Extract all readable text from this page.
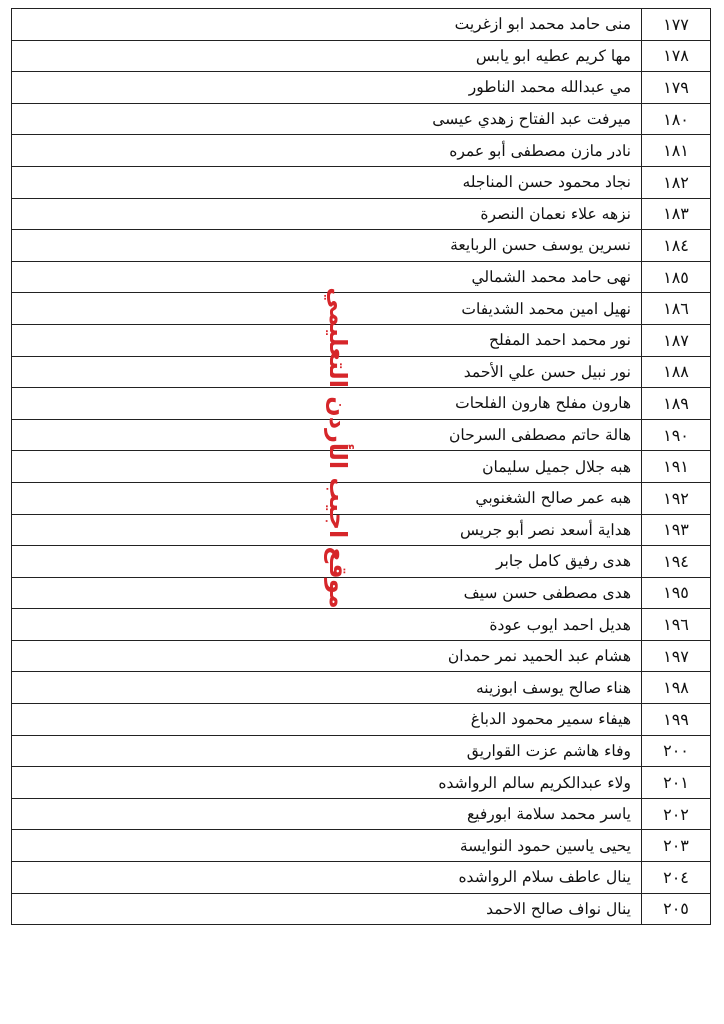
١٧٧	منى حامد محمد ابو ازغريت
١٧٨	مها كريم عطيه ابو يابس
١٧٩	مي عبدالله محمد الناطور
١٨٠	ميرفت عبد الفتاح زهدي عيسى
١٨١	نادر مازن مصطفى أبو عمره
١٨٢	نجاد محمود حسن المناجله
١٨٣	نزهه علاء نعمان النصرة
١٨٤	نسرين يوسف حسن الربايعة
١٨٥	نهى حامد محمد الشمالي
١٨٦	نهيل امين محمد الشديفات
١٨٧	نور محمد احمد المفلح
١٨٨	نور نبيل حسن علي الأحمد
١٨٩	هارون مفلح هارون الفلحات
١٩٠	هالة حاتم مصطفى السرحان
١٩١	هبه جلال جميل سليمان
١٩٢	هبه عمر صالح الشغنوبي
١٩٣	هداية أسعد نصر أبو جريس
١٩٤	هدى رفيق كامل جابر
١٩٥	هدى مصطفى حسن سيف
١٩٦	هديل احمد ايوب عودة
١٩٧	هشام عبد الحميد نمر حمدان
١٩٨	هناء صالح يوسف ابوزينه
١٩٩	هيفاء سمير محمود الدباغ
٢٠٠	وفاء هاشم عزت القواريق
٢٠١	ولاء عبدالكريم سالم الرواشده
٢٠٢	ياسر محمد سلامة ابورفيع
٢٠٣	يحيى ياسين حمود النوايسة
٢٠٤	ينال عاطف سلام الرواشده
٢٠٥	ينال نواف صالح الاحمد
موقع اجيب الأردن التعليمي
